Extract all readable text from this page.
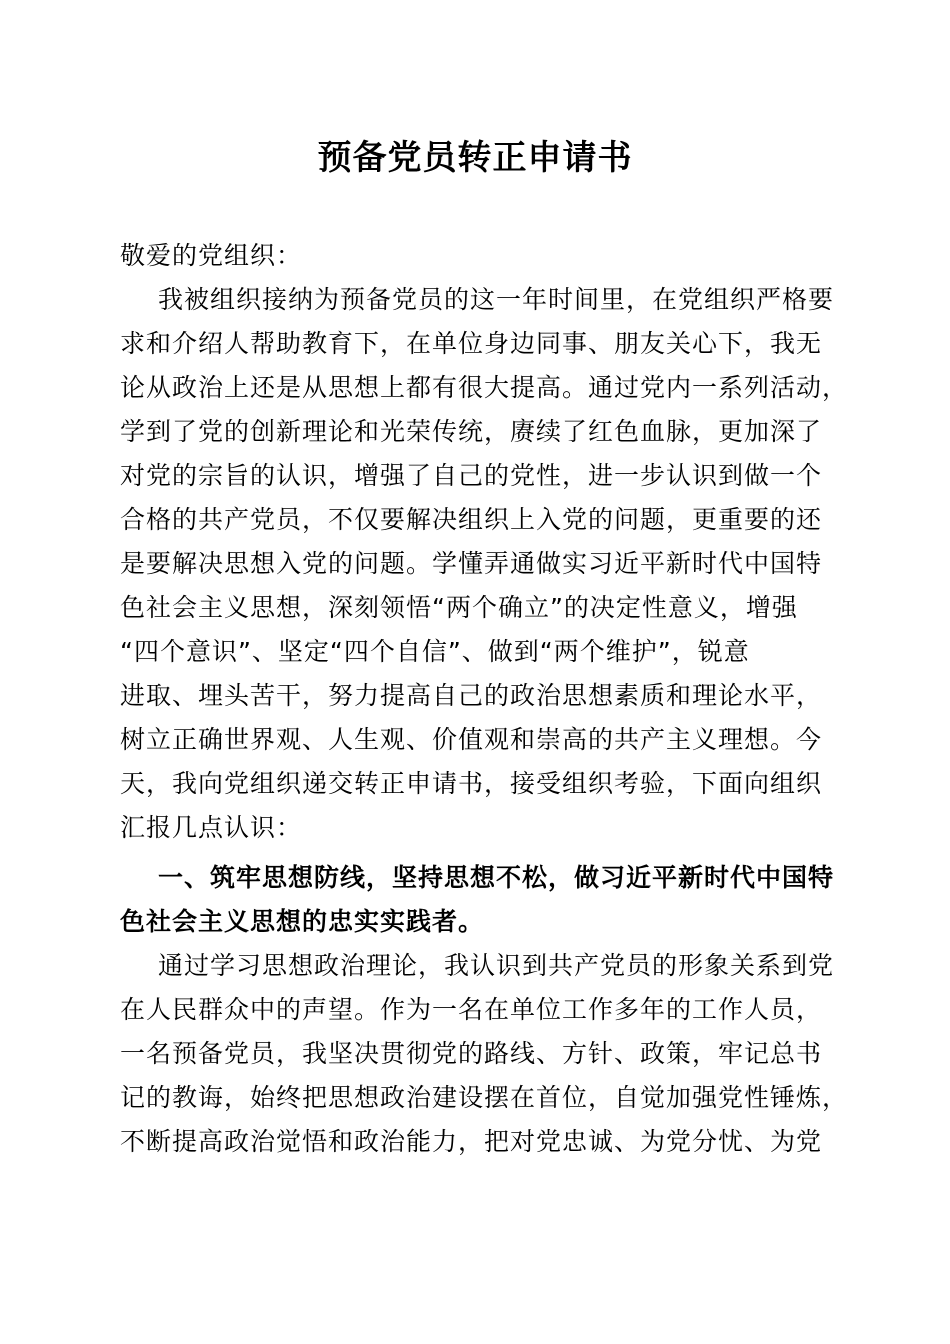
预备党员转正申请书
敬爱的党组织：
我被组织接纳为预备党员的这一年时间里，在党组织严格要
求和介绍人帮助教育下，在单位身边同事、朋友关心下，我无
论从政治上还是从思想上都有很大提高。通过党内一系列活动，
学到了党的创新理论和光荣传统，赓续了红色血脉，更加深了
对党的宗旨的认识，增强了自己的党性，进一步认识到做一个
合格的共产党员，不仅要解决组织上入党的问题，更重要的还
是要解决思想入党的问题。学懂弄通做实习近平新时代中国特
色社会主义思想，深刻领悟“两个确立”的决定性意义，增强
“四个意识”、坚定“四个自信”、做到“两个维护”，锐意
进取、埋头苦干，努力提高自己的政治思想素质和理论水平，
树立正确世界观、人生观、价值观和崇高的共产主义理想。今
天，我向党组织递交转正申请书，接受组织考验，下面向组织
汇报几点认识：
一、筑牢思想防线，坚持思想不松，做习近平新时代中国特
色社会主义思想的忠实实践者。
通过学习思想政治理论，我认识到共产党员的形象关系到党
在人民群众中的声望。作为一名在单位工作多年的工作人员，
一名预备党员，我坚决贯彻党的路线、方针、政策，牢记总书
记的教诲，始终把思想政治建设摆在首位，自觉加强党性锤炼，
不断提高政治觉悟和政治能力，把对党忠诚、为党分忧、为党
